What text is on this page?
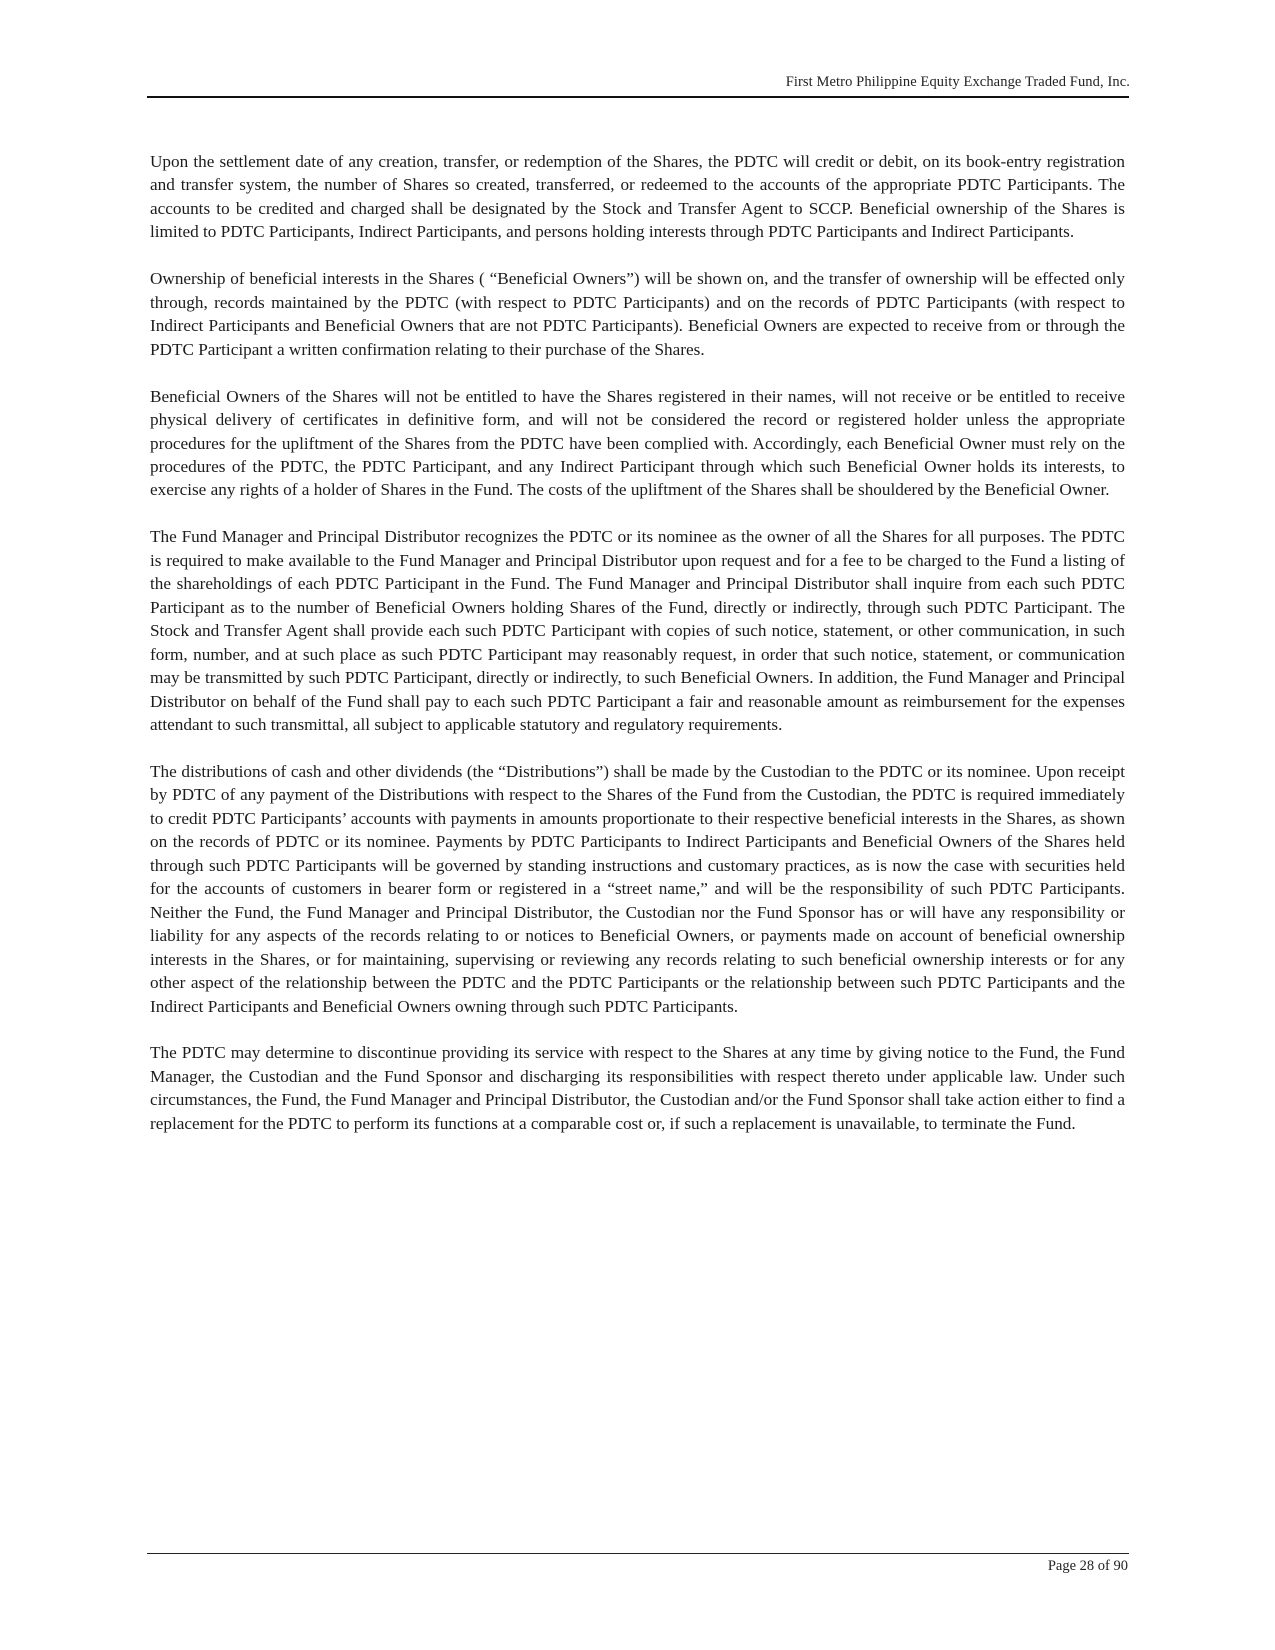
First Metro Philippine Equity Exchange Traded Fund, Inc.

Upon the settlement date of any creation, transfer, or redemption of the Shares, the PDTC will credit or debit, on its book-entry registration and transfer system, the number of Shares so created, transferred, or redeemed to the accounts of the appropriate PDTC Participants. The accounts to be credited and charged shall be designated by the Stock and Transfer Agent to SCCP. Beneficial ownership of the Shares is limited to PDTC Participants, Indirect Participants, and persons holding interests through PDTC Participants and Indirect Participants.

Ownership of beneficial interests in the Shares ( “Beneficial Owners”) will be shown on, and the transfer of ownership will be effected only through, records maintained by the PDTC (with respect to PDTC Participants) and on the records of PDTC Participants (with respect to Indirect Participants and Beneficial Owners that are not PDTC Participants). Beneficial Owners are expected to receive from or through the PDTC Participant a written confirmation relating to their purchase of the Shares.

Beneficial Owners of the Shares will not be entitled to have the Shares registered in their names, will not receive or be entitled to receive physical delivery of certificates in definitive form, and will not be considered the record or registered holder unless the appropriate procedures for the upliftment of the Shares from the PDTC have been complied with. Accordingly, each Beneficial Owner must rely on the procedures of the PDTC, the PDTC Participant, and any Indirect Participant through which such Beneficial Owner holds its interests, to exercise any rights of a holder of Shares in the Fund. The costs of the upliftment of the Shares shall be shouldered by the Beneficial Owner.

The Fund Manager and Principal Distributor recognizes the PDTC or its nominee as the owner of all the Shares for all purposes. The PDTC is required to make available to the Fund Manager and Principal Distributor upon request and for a fee to be charged to the Fund a listing of the shareholdings of each PDTC Participant in the Fund. The Fund Manager and Principal Distributor shall inquire from each such PDTC Participant as to the number of Beneficial Owners holding Shares of the Fund, directly or indirectly, through such PDTC Participant. The Stock and Transfer Agent shall provide each such PDTC Participant with copies of such notice, statement, or other communication, in such form, number, and at such place as such PDTC Participant may reasonably request, in order that such notice, statement, or communication may be transmitted by such PDTC Participant, directly or indirectly, to such Beneficial Owners. In addition, the Fund Manager and Principal Distributor on behalf of the Fund shall pay to each such PDTC Participant a fair and reasonable amount as reimbursement for the expenses attendant to such transmittal, all subject to applicable statutory and regulatory requirements.

The distributions of cash and other dividends (the “Distributions”) shall be made by the Custodian to the PDTC or its nominee. Upon receipt by PDTC of any payment of the Distributions with respect to the Shares of the Fund from the Custodian, the PDTC is required immediately to credit PDTC Participants’ accounts with payments in amounts proportionate to their respective beneficial interests in the Shares, as shown on the records of PDTC or its nominee. Payments by PDTC Participants to Indirect Participants and Beneficial Owners of the Shares held through such PDTC Participants will be governed by standing instructions and customary practices, as is now the case with securities held for the accounts of customers in bearer form or registered in a “street name,” and will be the responsibility of such PDTC Participants. Neither the Fund, the Fund Manager and Principal Distributor, the Custodian nor the Fund Sponsor has or will have any responsibility or liability for any aspects of the records relating to or notices to Beneficial Owners, or payments made on account of beneficial ownership interests in the Shares, or for maintaining, supervising or reviewing any records relating to such beneficial ownership interests or for any other aspect of the relationship between the PDTC and the PDTC Participants or the relationship between such PDTC Participants and the Indirect Participants and Beneficial Owners owning through such PDTC Participants.

The PDTC may determine to discontinue providing its service with respect to the Shares at any time by giving notice to the Fund, the Fund Manager, the Custodian and the Fund Sponsor and discharging its responsibilities with respect thereto under applicable law. Under such circumstances, the Fund, the Fund Manager and Principal Distributor, the Custodian and/or the Fund Sponsor shall take action either to find a replacement for the PDTC to perform its functions at a comparable cost or, if such a replacement is unavailable, to terminate the Fund.

Page 28 of 90
